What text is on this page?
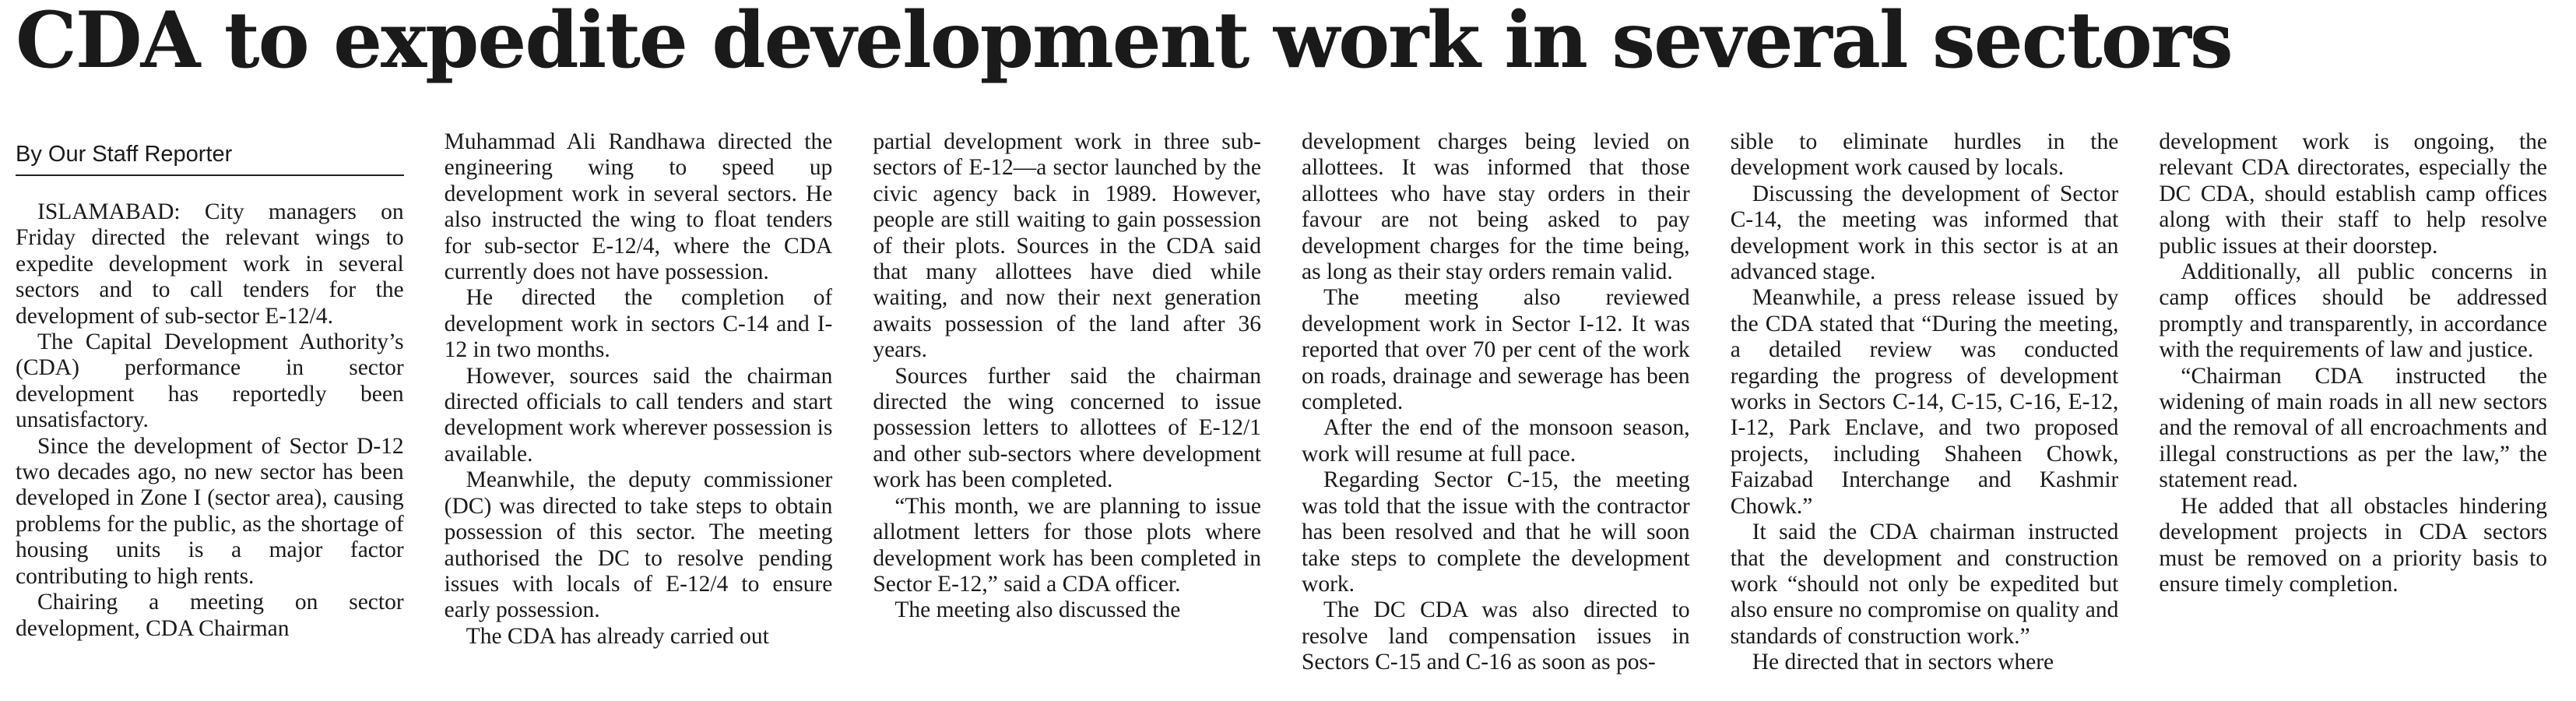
CDA to expedite development work in several sectors
By Our Staff Reporter

ISLAMABAD: City managers on Friday directed the relevant wings to expedite development work in several sectors and to call tenders for the development of sub-sector E-12/4.

The Capital Development Authority’s (CDA) performance in sector development has reportedly been unsatisfactory.

Since the development of Sector D-12 two decades ago, no new sector has been developed in Zone I (sector area), causing problems for the public, as the shortage of housing units is a major factor contributing to high rents.

Chairing a meeting on sector development, CDA Chairman

Muhammad Ali Randhawa directed the engineering wing to speed up development work in several sectors. He also instructed the wing to float tenders for sub-sector E-12/4, where the CDA currently does not have possession.

He directed the completion of development work in sectors C-14 and I-12 in two months.

However, sources said the chairman directed officials to call tenders and start development work wherever possession is available.

Meanwhile, the deputy commissioner (DC) was directed to take steps to obtain possession of this sector. The meeting authorised the DC to resolve pending issues with locals of E-12/4 to ensure early possession.

The CDA has already carried out

partial development work in three sub-sectors of E-12—a sector launched by the civic agency back in 1989. However, people are still waiting to gain possession of their plots. Sources in the CDA said that many allottees have died while waiting, and now their next generation awaits possession of the land after 36 years.

Sources further said the chairman directed the wing concerned to issue possession letters to allottees of E-12/1 and other sub-sectors where development work has been completed.

“This month, we are planning to issue allotment letters for those plots where development work has been completed in Sector E-12,” said a CDA officer.

The meeting also discussed the

development charges being levied on allottees. It was informed that those allottees who have stay orders in their favour are not being asked to pay development charges for the time being, as long as their stay orders remain valid.

The meeting also reviewed development work in Sector I-12. It was reported that over 70 per cent of the work on roads, drainage and sewerage has been completed.

After the end of the monsoon season, work will resume at full pace.

Regarding Sector C-15, the meeting was told that the issue with the contractor has been resolved and that he will soon take steps to complete the development work.

The DC CDA was also directed to resolve land compensation issues in Sectors C-15 and C-16 as soon as pos-

sible to eliminate hurdles in the development work caused by locals.

Discussing the development of Sector C-14, the meeting was informed that development work in this sector is at an advanced stage.

Meanwhile, a press release issued by the CDA stated that “During the meeting, a detailed review was conducted regarding the progress of development works in Sectors C-14, C-15, C-16, E-12, I-12, Park Enclave, and two proposed projects, including Shaheen Chowk, Faizabad Interchange and Kashmir Chowk.”

It said the CDA chairman instructed that the development and construction work “should not only be expedited but also ensure no compromise on quality and standards of construction work.”

He directed that in sectors where

development work is ongoing, the relevant CDA directorates, especially the DC CDA, should establish camp offices along with their staff to help resolve public issues at their doorstep.

Additionally, all public concerns in camp offices should be addressed promptly and transparently, in accordance with the requirements of law and justice.

“Chairman CDA instructed the widening of main roads in all new sectors and the removal of all encroachments and illegal constructions as per the law,” the statement read.

He added that all obstacles hindering development projects in CDA sectors must be removed on a priority basis to ensure timely completion.
